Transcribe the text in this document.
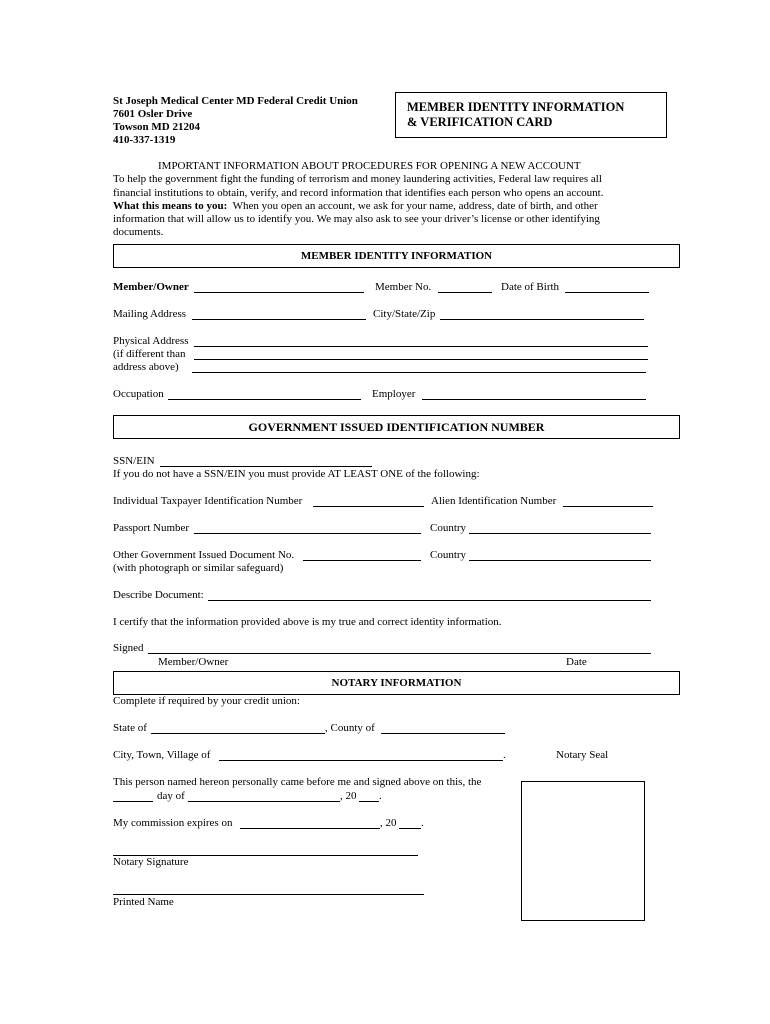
St Joseph Medical Center MD Federal Credit Union
7601 Osler Drive
Towson MD 21204
410-337-1319
MEMBER IDENTITY INFORMATION
& VERIFICATION CARD
IMPORTANT INFORMATION ABOUT PROCEDURES FOR OPENING A NEW ACCOUNT
To help the government fight the funding of terrorism and money laundering activities, Federal law requires all
financial institutions to obtain, verify, and record information that identifies each person who opens an account.
What this means to you:  When you open an account, we ask for your name, address, date of birth, and other
information that will allow us to identify you. We may also ask to see your driver’s license or other identifying
documents.
MEMBER IDENTITY INFORMATION
Member/Owner	Member No.	Date of Birth
Mailing Address	City/State/Zip
Physical Address
(if different than
address above)
Occupation	Employer
GOVERNMENT ISSUED IDENTIFICATION NUMBER
SSN/EIN
If you do not have a SSN/EIN you must provide AT LEAST ONE of the following:
Individual Taxpayer Identification Number	Alien Identification Number
Passport Number	Country
Other Government Issued Document No.	Country
(with photograph or similar safeguard)
Describe Document:
I certify that the information provided above is my true and correct identity information.
Signed
Member/Owner	Date
NOTARY INFORMATION
Complete if required by your credit union:
State of	, County of
City, Town, Village of	.	Notary Seal
This person named hereon personally came before me and signed above on this, the
day of	, 20 .
My commission expires on	, 20 .
Notary Signature
Printed Name
